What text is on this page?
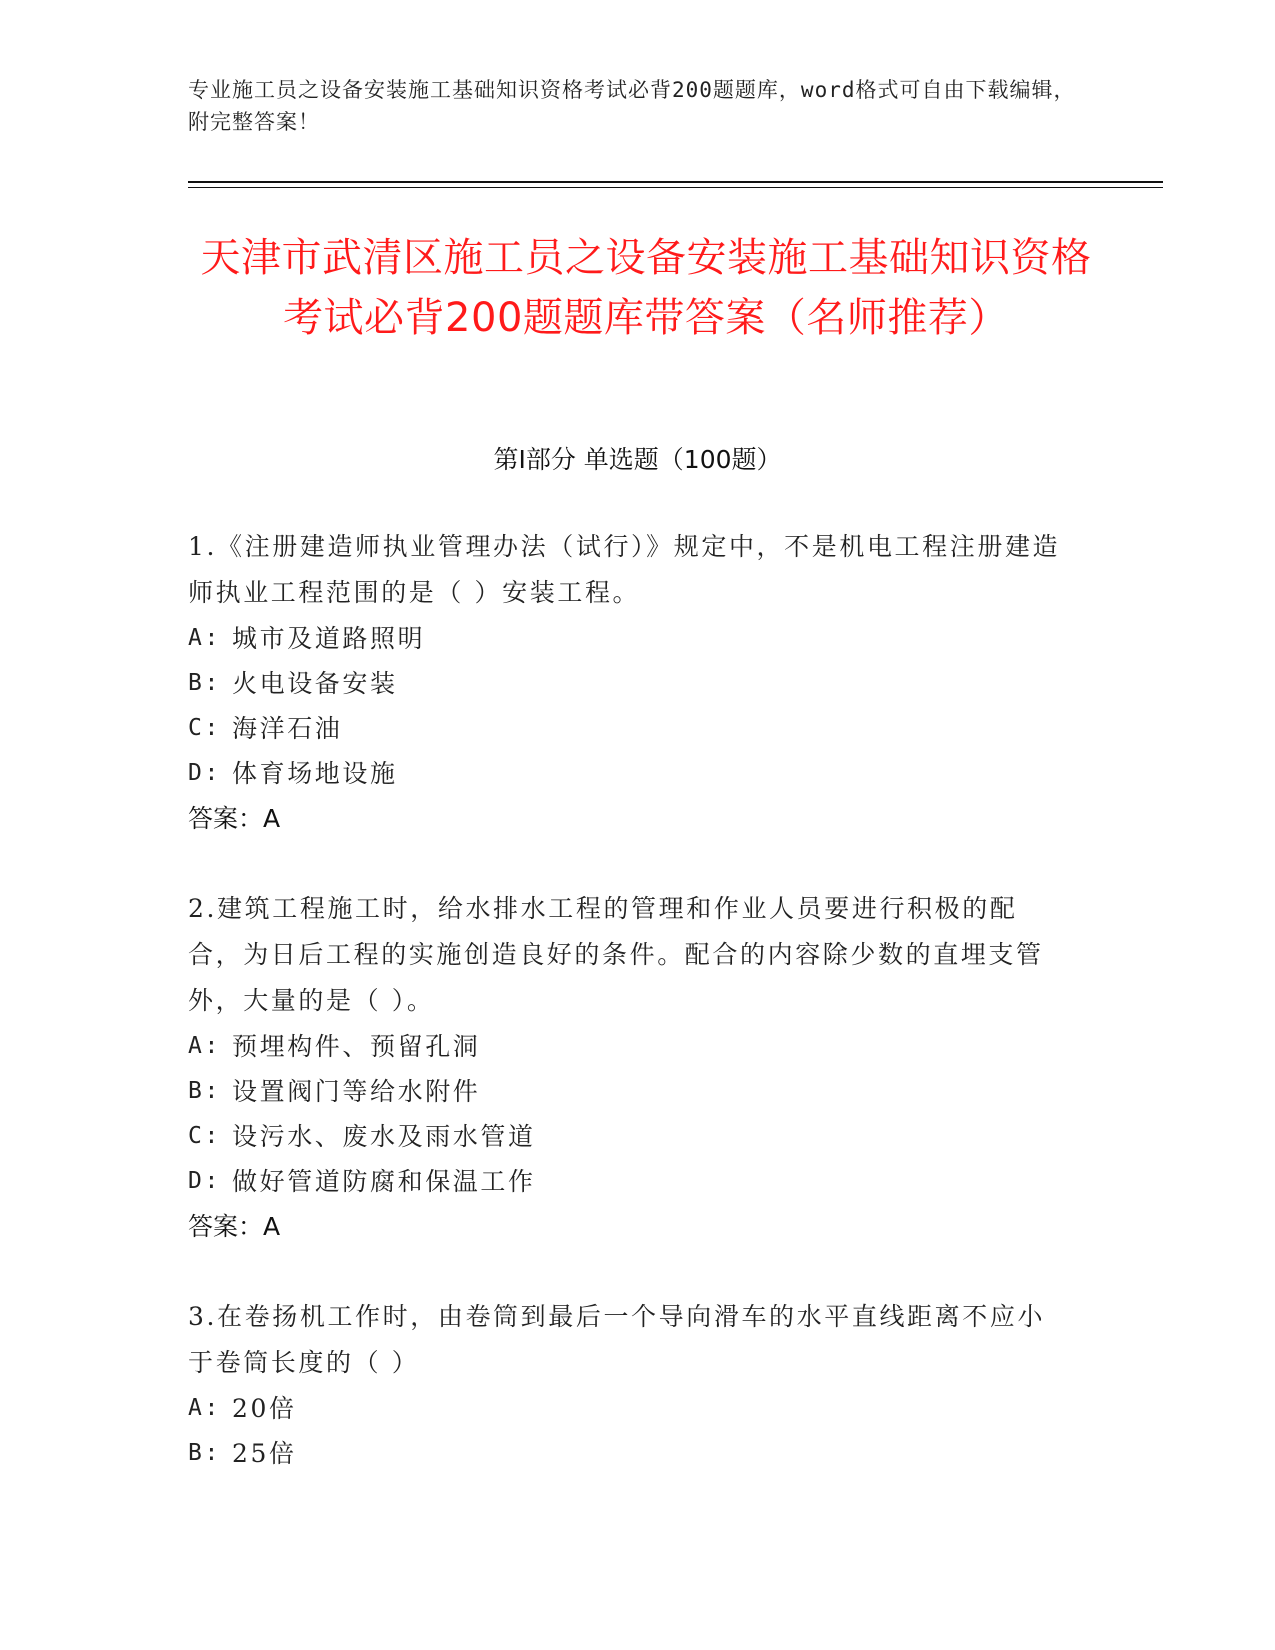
专业施工员之设备安装施工基础知识资格考试必背200题题库，word格式可自由下载编辑，附完整答案！
天津市武清区施工员之设备安装施工基础知识资格考试必背200题题库带答案（名师推荐）
第I部分 单选题（100题）

1.《注册建造师执业管理办法（试行）》规定中，不是机电工程注册建造师执业工程范围的是（ ）安装工程。

A: 城市及道路照明
B: 火电设备安装
C: 海洋石油
D: 体育场地设施
答案：A

2.建筑工程施工时，给水排水工程的管理和作业人员要进行积极的配合，为日后工程的实施创造良好的条件。配合的内容除少数的直埋支管外，大量的是（ ）。

A: 预埋构件、预留孔洞
B: 设置阀门等给水附件
C: 设污水、废水及雨水管道
D: 做好管道防腐和保温工作
答案：A

3.在卷扬机工作时，由卷筒到最后一个导向滑车的水平直线距离不应小于卷筒长度的（ ）

A: 20倍
B: 25倍
